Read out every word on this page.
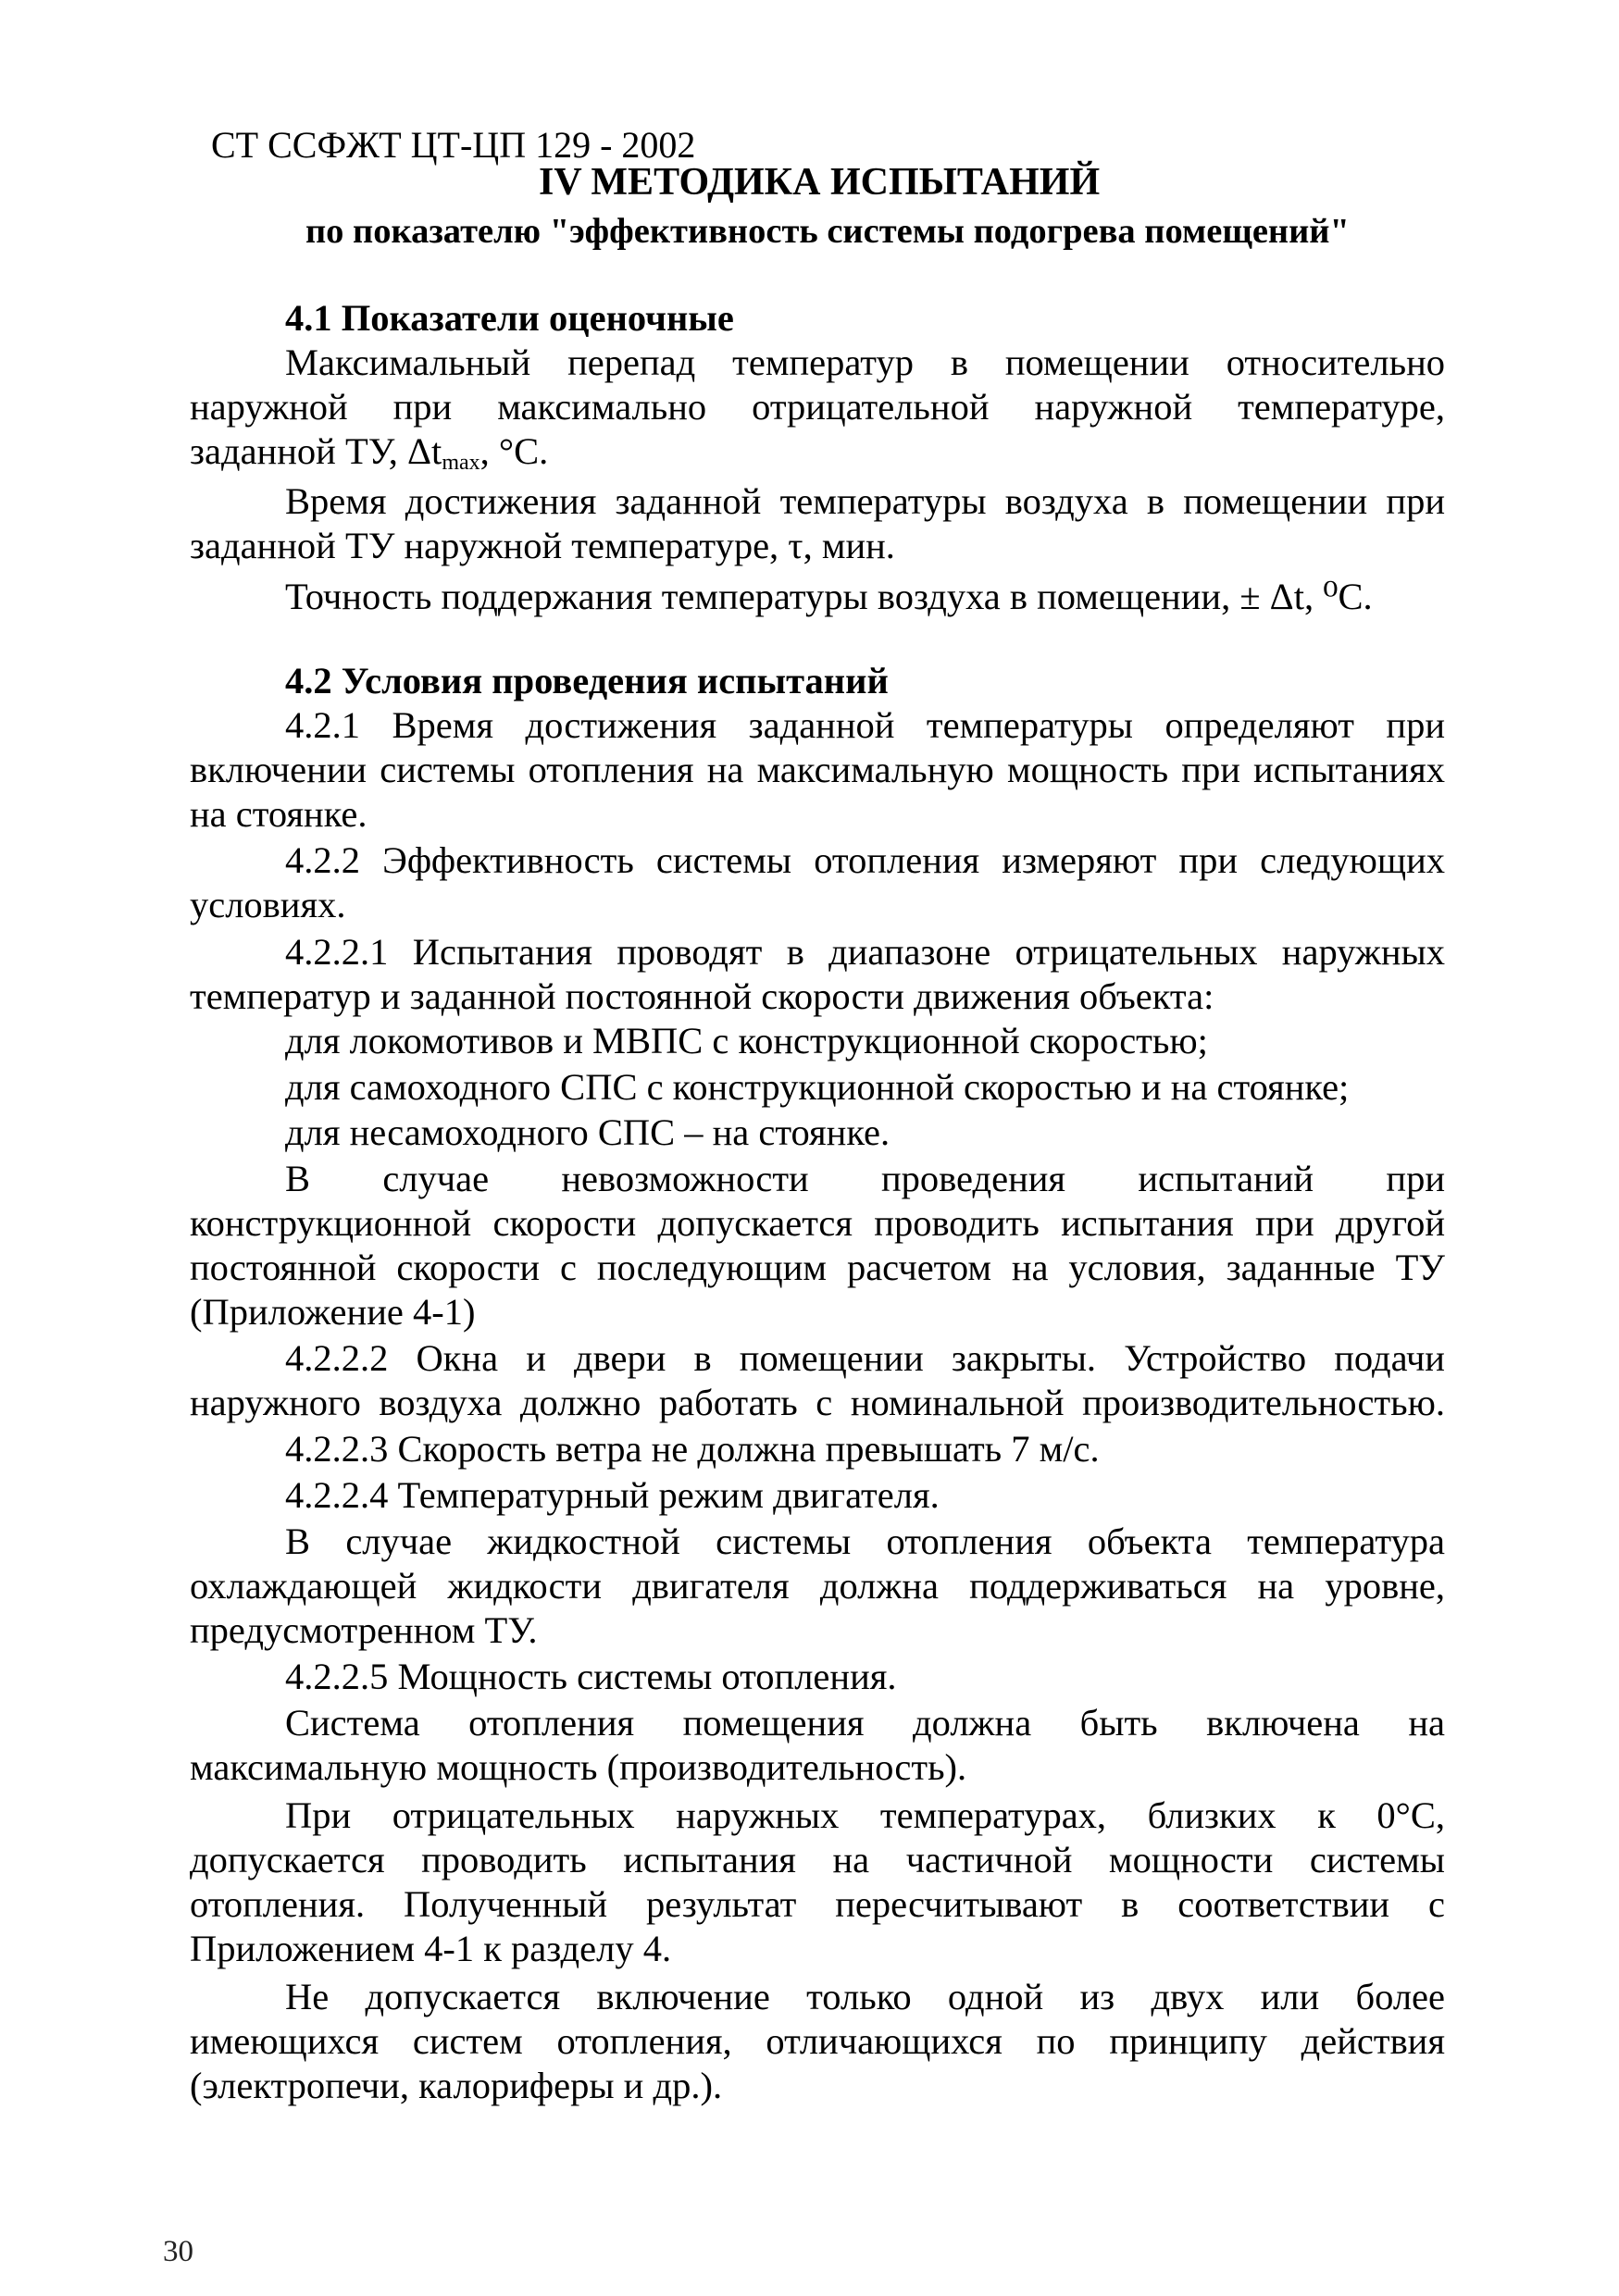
СТ ССФЖТ ЦТ-ЦП 129 - 2002
IV МЕТОДИКА ИСПЫТАНИЙ
по показателю "эффективность системы подогрева помещений"
4.1 Показатели оценочные
Максимальный перепад температур в помещении относительно
наружной при максимально отрицательной наружной температуре,
заданной ТУ, $\Delta t_{max}$, °С.
Время достижения заданной температуры воздуха в помещении при
заданной ТУ наружной температуре, τ, мин.
Точность поддержания температуры воздуха в помещении, ± Δt, ⁰С.
4.2 Условия проведения испытаний
4.2.1 Время достижения заданной температуры определяют при
включении системы отопления на максимальную мощность при испытаниях
на стоянке.
4.2.2 Эффективность системы отопления измеряют при следующих
условиях.
4.2.2.1 Испытания проводят в диапазоне отрицательных наружных
температур и заданной постоянной скорости движения объекта:
для локомотивов и МВПС с конструкционной скоростью;
для самоходного СПС с конструкционной скоростью и на стоянке;
для несамоходного СПС – на стоянке.
В случае невозможности проведения испытаний при
конструкционной скорости допускается проводить испытания при другой
постоянной скорости с последующим расчетом на условия, заданные ТУ
(Приложение 4-1)
4.2.2.2 Окна и двери в помещении закрыты. Устройство подачи
наружного воздуха должно работать с номинальной производительностью.
4.2.2.3 Скорость ветра не должна превышать 7 м/с.
4.2.2.4 Температурный режим двигателя.
В случае жидкостной системы отопления объекта температура
охлаждающей жидкости двигателя должна поддерживаться на уровне,
предусмотренном ТУ.
4.2.2.5 Мощность системы отопления.
Система отопления помещения должна быть включена на
максимальную мощность (производительность).
При отрицательных наружных температурах, близких к 0°С,
допускается проводить испытания на частичной мощности системы
отопления. Полученный результат пересчитывают в соответствии с
Приложением 4-1 к разделу 4.
Не допускается включение только одной из двух или более
имеющихся систем отопления, отличающихся по принципу действия
(электропечи, калориферы и др.).
30
